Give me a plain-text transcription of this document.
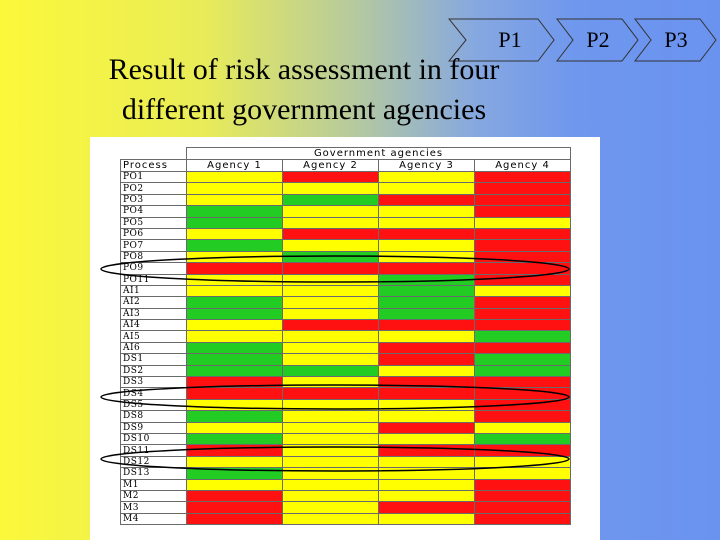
P1	P2	P3
Result of risk assessment in four
different government agencies
	Government agencies			
Process	Agency 1	Agency 2	Agency 3	Agency 4
PO1				
PO2				
PO3				
PO4				
PO5				
PO6				
PO7				
PO8				
PO9				
PO11				
AI1				
AI2				
AI3				
AI4				
AI5				
AI6				
DS1				
DS2				
DS3				
DS4				
DS5				
DS8				
DS9				
DS10				
DS11				
DS12				
DS13				
M1				
M2				
M3				
M4				
